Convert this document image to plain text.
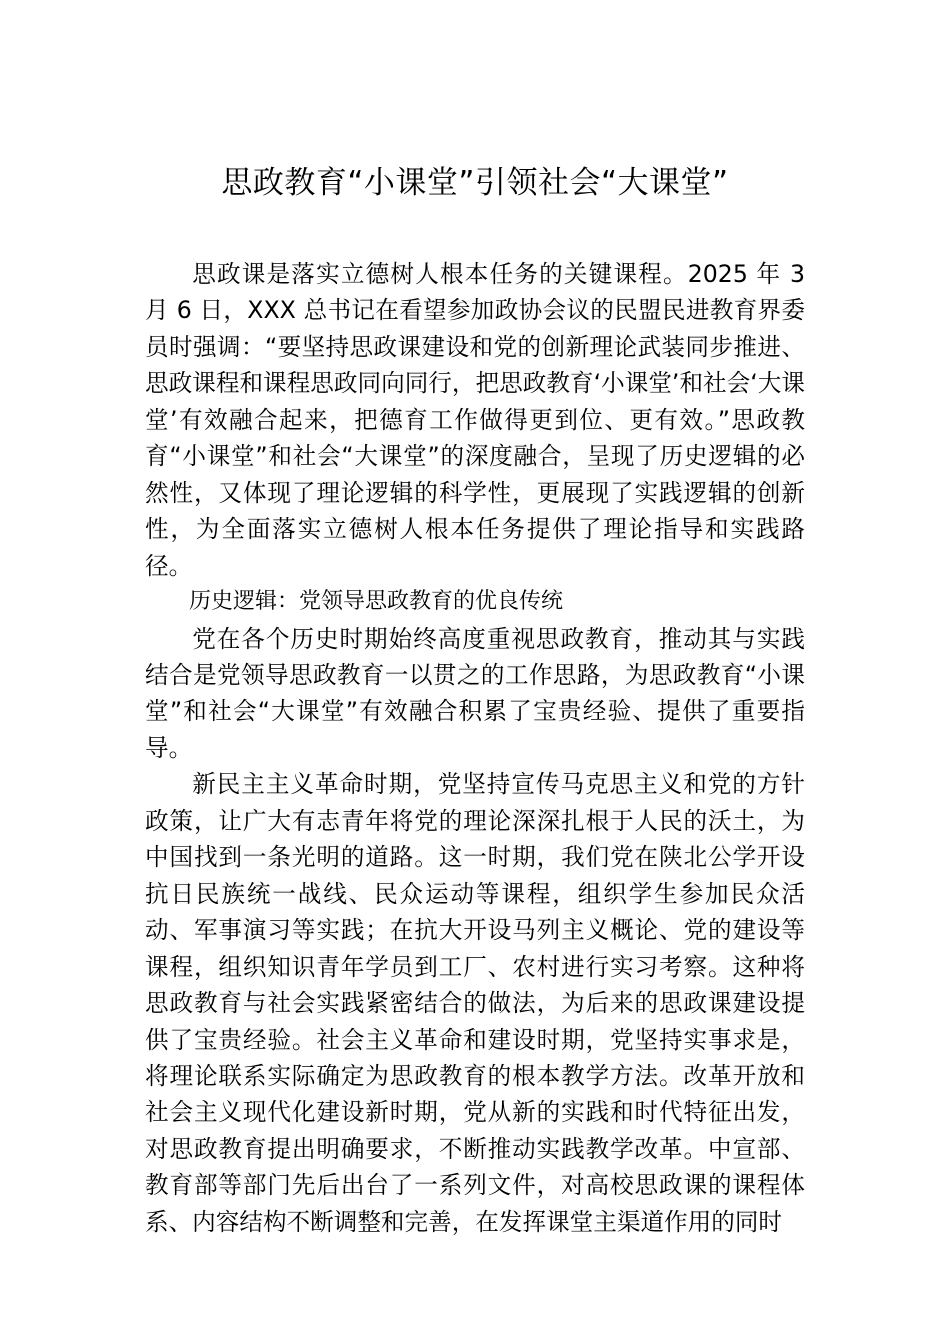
思政教育“小课堂”引领社会“大课堂”

思政课是落实立德树人根本任务的关键课程。2025 年 3 月 6 日，XXX 总书记在看望参加政协会议的民盟民进教育界委员时强调：“要坚持思政课建设和党的创新理论武装同步推进、思政课程和课程思政同向同行，把思政教育‘小课堂’和社会‘大课堂’有效融合起来，把德育工作做得更到位、更有效。”思政教育“小课堂”和社会“大课堂”的深度融合，呈现了历史逻辑的必然性，又体现了理论逻辑的科学性，更展现了实践逻辑的创新性，为全面落实立德树人根本任务提供了理论指导和实践路径。

历史逻辑：党领导思政教育的优良传统

党在各个历史时期始终高度重视思政教育，推动其与实践结合是党领导思政教育一以贯之的工作思路，为思政教育“小课堂”和社会“大课堂”有效融合积累了宝贵经验、提供了重要指导。

新民主主义革命时期，党坚持宣传马克思主义和党的方针政策，让广大有志青年将党的理论深深扎根于人民的沃土，为中国找到一条光明的道路。这一时期，我们党在陕北公学开设抗日民族统一战线、民众运动等课程，组织学生参加民众活动、军事演习等实践；在抗大开设马列主义概论、党的建设等课程，组织知识青年学员到工厂、农村进行实习考察。这种将思政教育与社会实践紧密结合的做法，为后来的思政课建设提供了宝贵经验。社会主义革命和建设时期，党坚持实事求是，将理论联系实际确定为思政教育的根本教学方法。改革开放和社会主义现代化建设新时期，党从新的实践和时代特征出发，对思政教育提出明确要求，不断推动实践教学改革。中宣部、教育部等部门先后出台了一系列文件，对高校思政课的课程体系、内容结构不断调整和完善，在发挥课堂主渠道作用的同时
